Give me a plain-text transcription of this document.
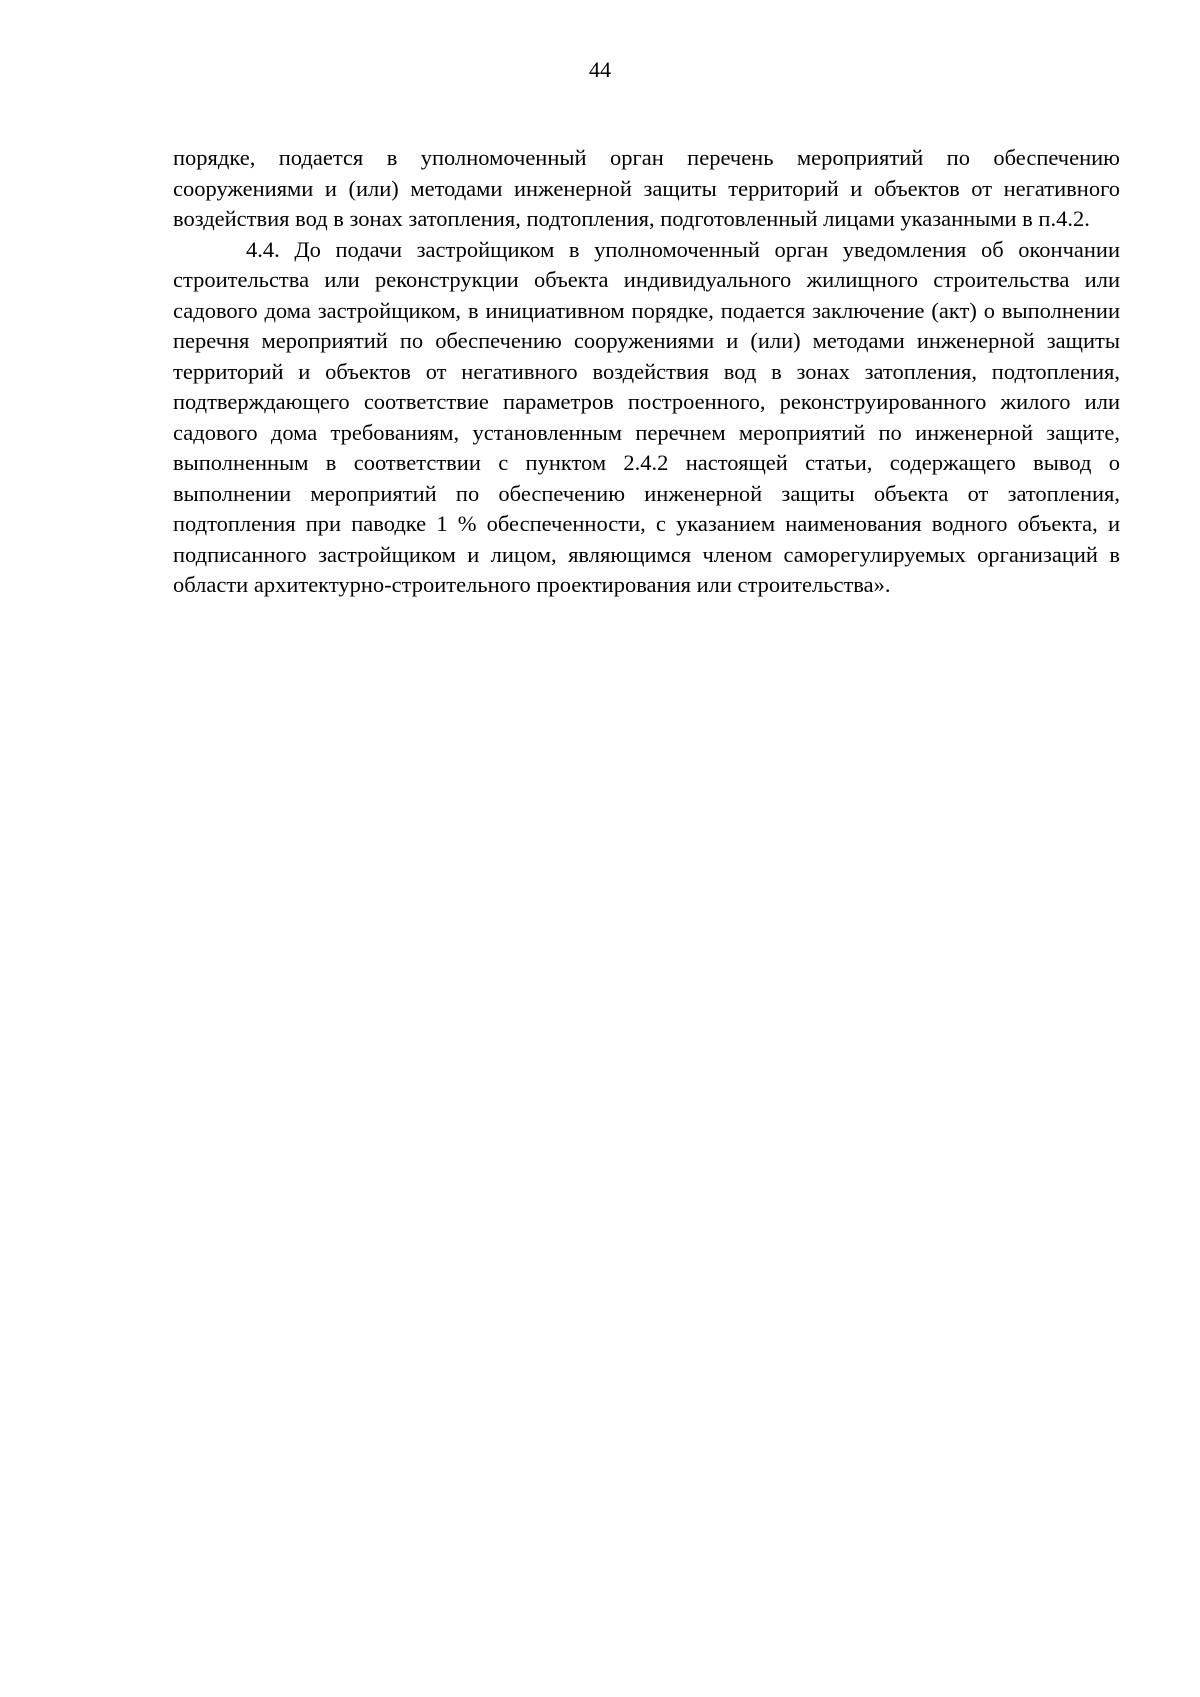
44

порядке, подается в уполномоченный орган перечень мероприятий по обеспечению сооружениями и (или) методами инженерной защиты территорий и объектов от негативного воздействия вод в зонах затопления, подтопления, подготовленный лицами указанными в п.4.2.

4.4. До подачи застройщиком в уполномоченный орган уведомления об окончании строительства или реконструкции объекта индивидуального жилищного строительства или садового дома застройщиком, в инициативном порядке, подается заключение (акт) о выполнении перечня мероприятий по обеспечению сооружениями и (или) методами инженерной защиты территорий и объектов от негативного воздействия вод в зонах затопления, подтопления, подтверждающего соответствие параметров построенного, реконструированного жилого или садового дома требованиям, установленным перечнем мероприятий по инженерной защите, выполненным в соответствии с пунктом 2.4.2 настоящей статьи, содержащего вывод о выполнении мероприятий по обеспечению инженерной защиты объекта от затопления, подтопления при паводке 1 % обеспеченности, с указанием наименования водного объекта, и подписанного застройщиком и лицом, являющимся членом саморегулируемых организаций в области архитектурно-строительного проектирования или строительства».
